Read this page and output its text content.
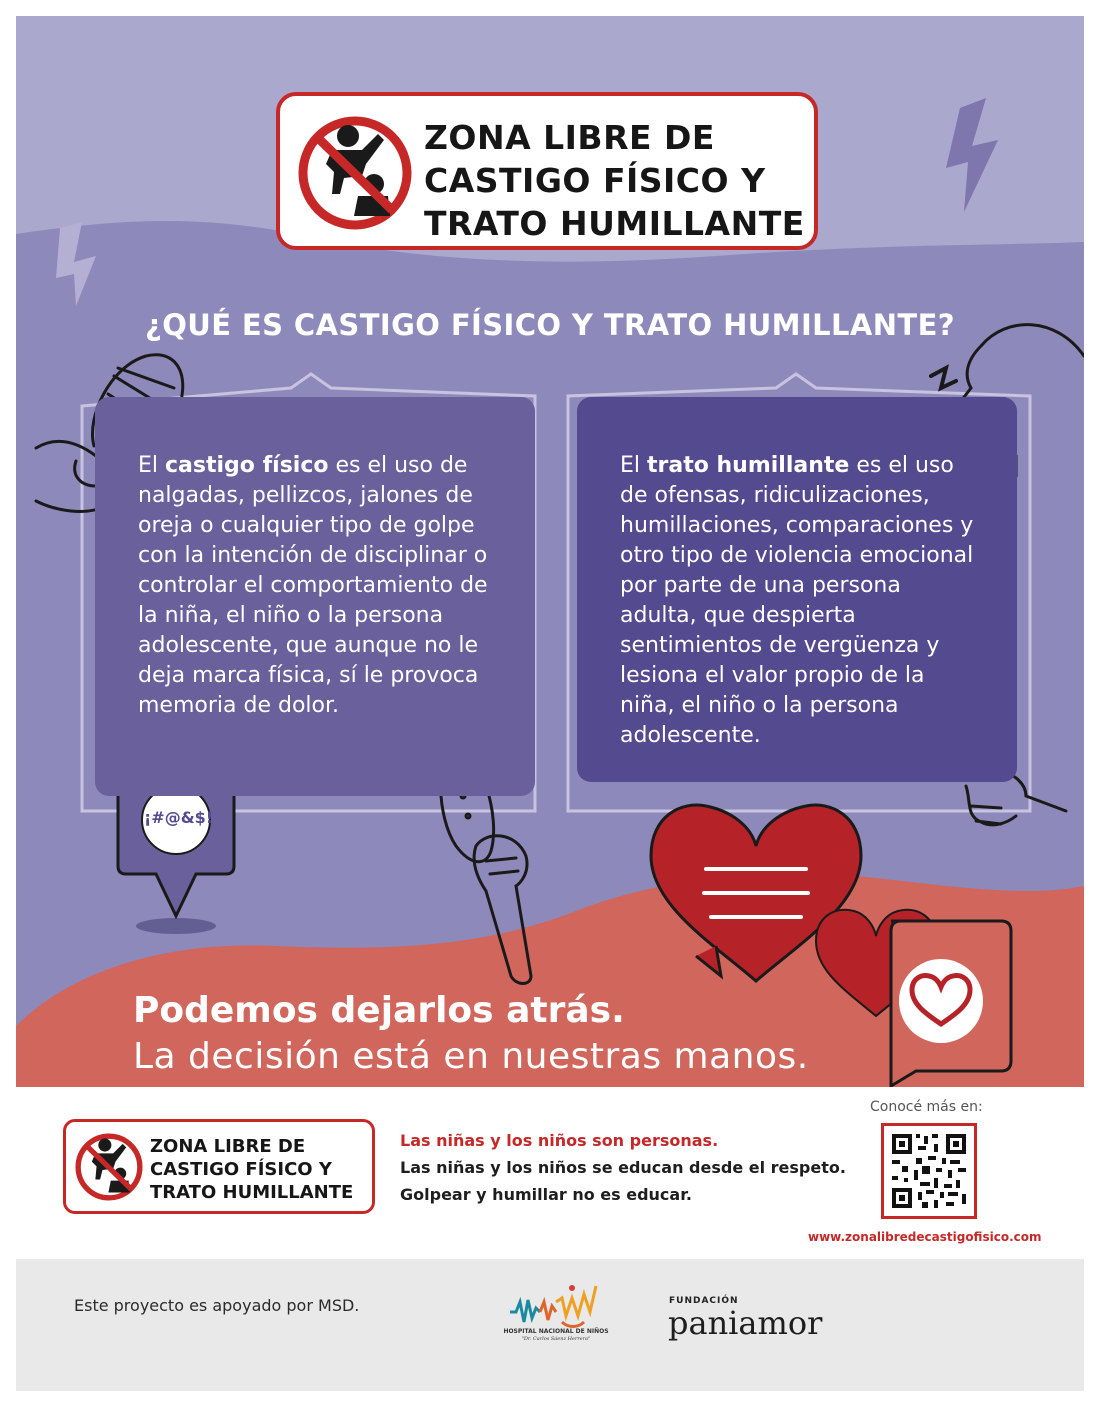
ZONA LIBRE DE
CASTIGO FÍSICO Y
TRATO HUMILLANTE
¿QUÉ ES CASTIGO FÍSICO Y TRATO HUMILLANTE?
El castigo físico es el uso de
nalgadas, pellizcos, jalones de
oreja o cualquier tipo de golpe
con la intención de disciplinar o
controlar el comportamiento de
la niña, el niño o la persona
adolescente, que aunque no le
deja marca física, sí le provoca
memoria de dolor.
El trato humillante es el uso
de ofensas, ridiculizaciones,
humillaciones, comparaciones y
otro tipo de violencia emocional
por parte de una persona
adulta, que despierta
sentimientos de vergüenza y
lesiona el valor propio de la
niña, el niño o la persona
adolescente.
¡#@&$!
Podemos dejarlos atrás.
La decisión está en nuestras manos.
ZONA LIBRE DE
CASTIGO FÍSICO Y
TRATO HUMILLANTE
Las niñas y los niños son personas.
Las niñas y los niños se educan desde el respeto.
Golpear y humillar no es educar.
Conocé más en:
www.zonalibredecastigofisico.com
Este proyecto es apoyado por MSD.
HOSPITAL NACIONAL DE NIÑOS
"Dr. Carlos Sáenz Herrera"
FUNDACIÓN
paniamor
